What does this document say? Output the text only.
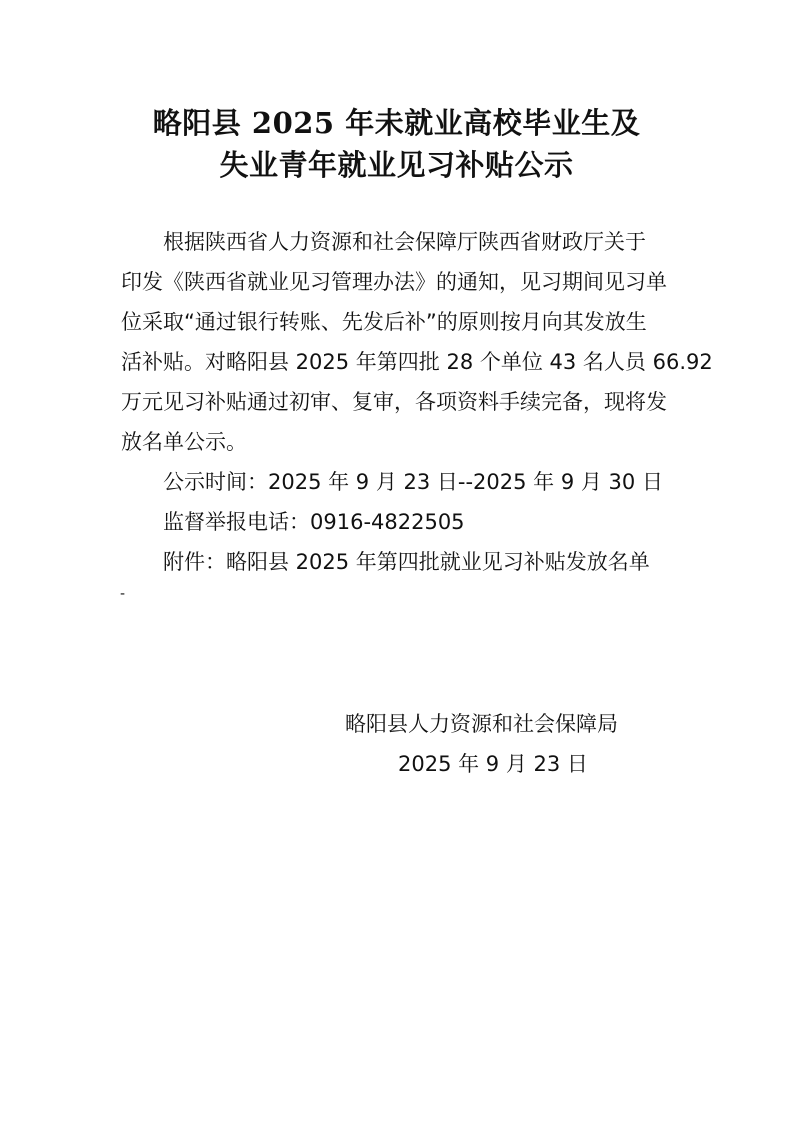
略阳县 2025 年未就业高校毕业生及
失业青年就业见习补贴公示
根据陕西省人力资源和社会保障厅陕西省财政厅关于
印发《陕西省就业见习管理办法》的通知，见习期间见习单
位采取“通过银行转账、先发后补”的原则按月向其发放生
活补贴。对略阳县 2025 年第四批 28 个单位 43 名人员 66.92
万元见习补贴通过初审、复审，各项资料手续完备，现将发
放名单公示。
公示时间：2025 年 9 月 23 日--2025 年 9 月 30 日
监督举报电话：0916-4822505
附件：略阳县 2025 年第四批就业见习补贴发放名单
-
略阳县人力资源和社会保障局
2025 年 9 月 23 日
